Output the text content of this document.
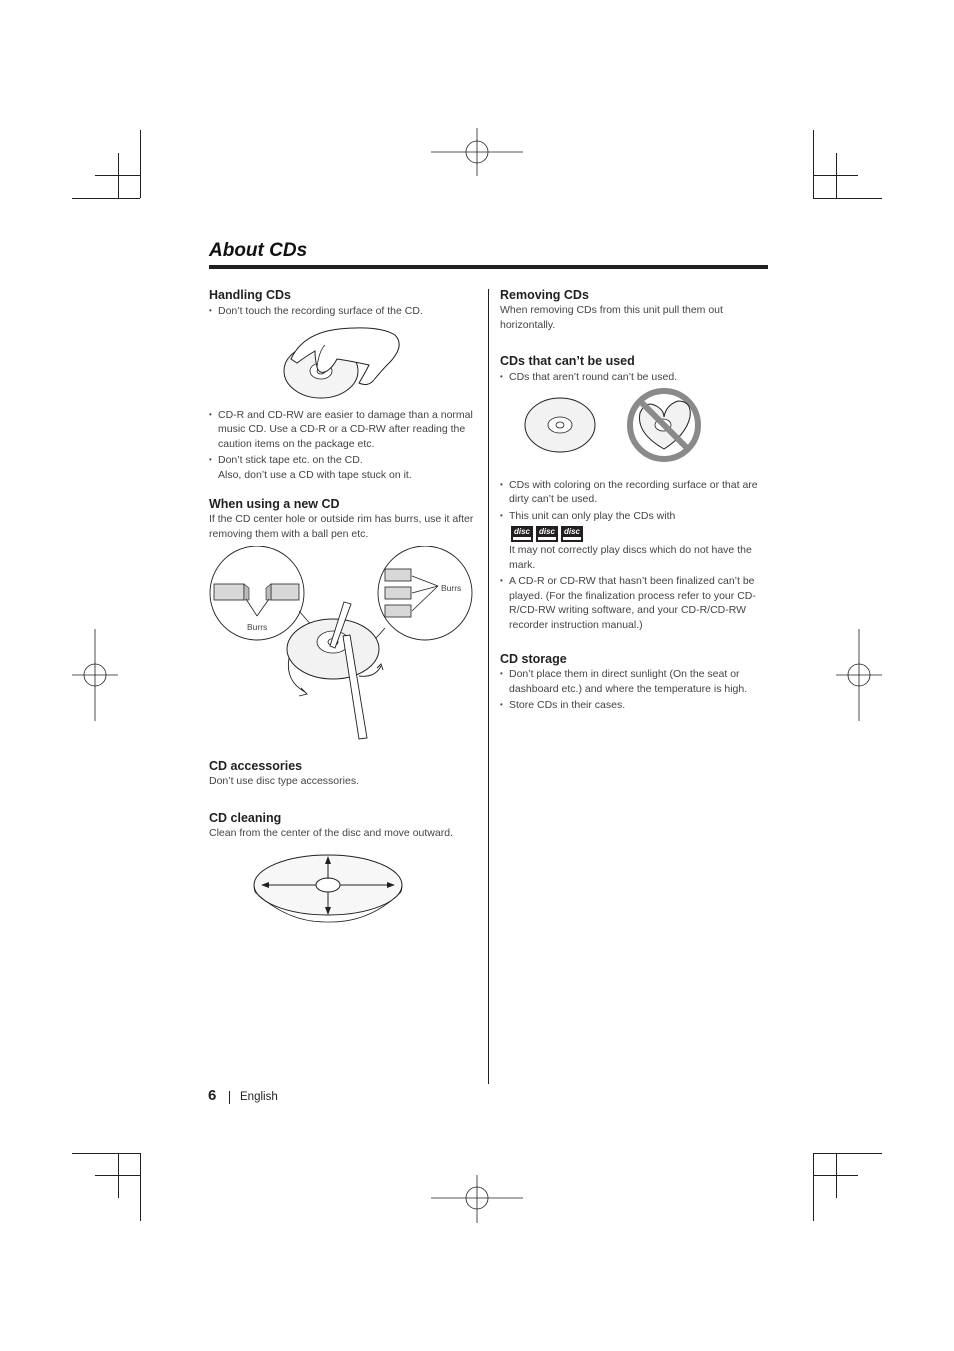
About CDs
Handling CDs
• Don’t touch the recording surface of the CD.
• CD-R and CD-RW are easier to damage than a normal music CD. Use a CD-R or a CD-RW after reading the caution items on the package etc.
• Don’t stick tape etc. on the CD.
Also, don’t use a CD with tape stuck on it.
When using a new CD

If the CD center hole or outside rim has burrs, use it after removing them with a ball pen etc.

Burrs
Burrs
CD accessories

Don’t use disc type accessories.

CD cleaning

Clean from the center of the disc and move outward.

Removing CDs

When removing CDs from this unit pull them out horizontally.

CDs that can’t be used
• CDs that aren’t round can’t be used.
• CDs with coloring on the recording surface or that are dirty can’t be used.
• This unit can only play the CDs with
disc	disc	disc
It may not correctly play discs which do not have the mark.
• A CD-R or CD-RW that hasn’t been finalized can’t be played. (For the finalization process refer to your CD-R/CD-RW writing software, and your CD-R/CD-RW recorder instruction manual.)
CD storage
• Don’t place them in direct sunlight (On the seat or dashboard etc.) and where the temperature is high.
• Store CDs in their cases.
6 English
